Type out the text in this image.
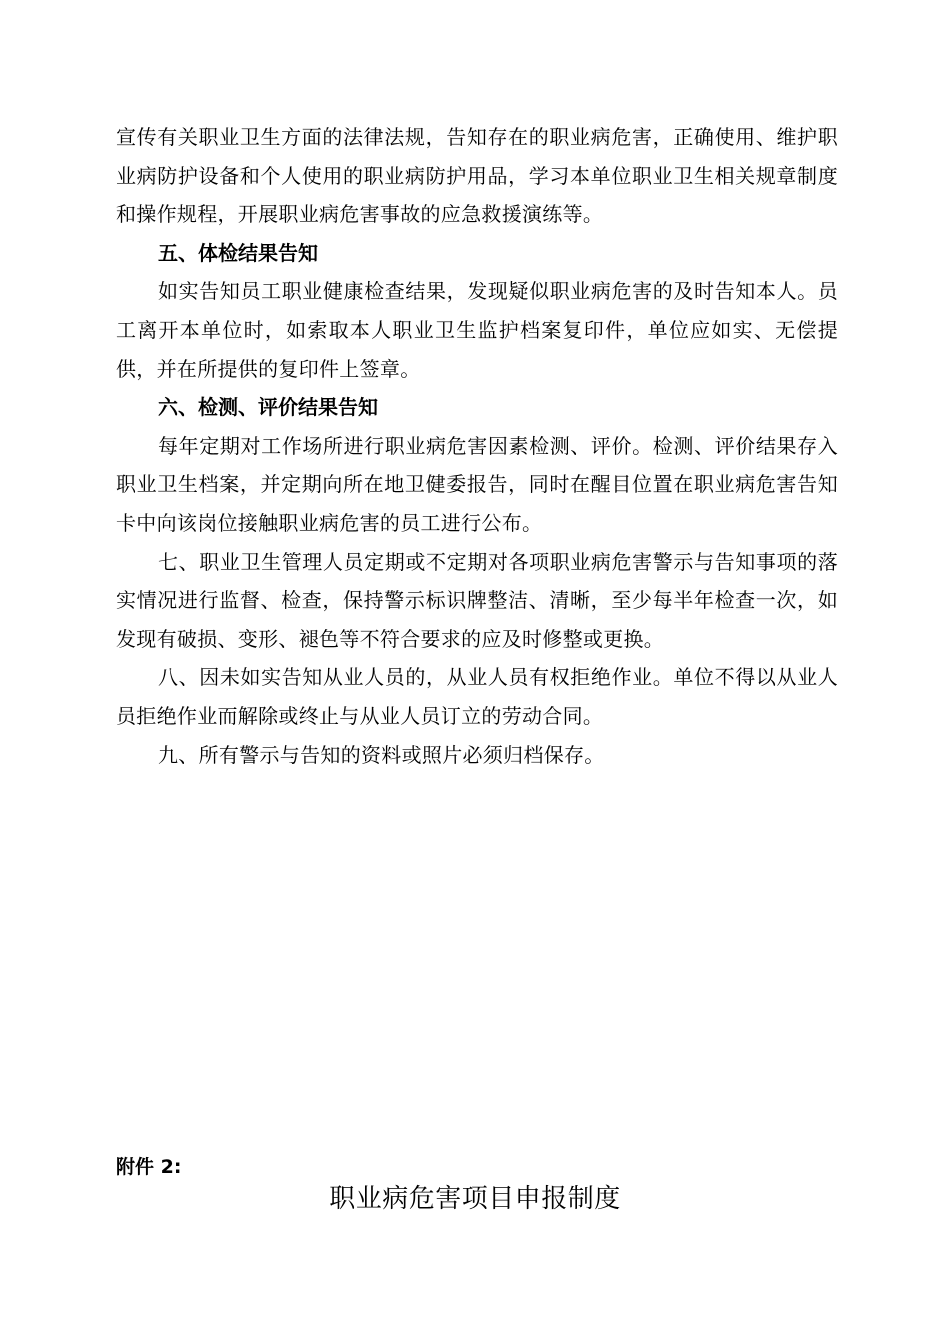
宣传有关职业卫生方面的法律法规，告知存在的职业病危害，正确使用、维护职业病防护设备和个人使用的职业病防护用品，学习本单位职业卫生相关规章制度和操作规程，开展职业病危害事故的应急救援演练等。

五、体检结果告知

如实告知员工职业健康检查结果，发现疑似职业病危害的及时告知本人。员工离开本单位时，如索取本人职业卫生监护档案复印件，单位应如实、无偿提供，并在所提供的复印件上签章。

六、检测、评价结果告知

每年定期对工作场所进行职业病危害因素检测、评价。检测、评价结果存入职业卫生档案，并定期向所在地卫健委报告，同时在醒目位置在职业病危害告知卡中向该岗位接触职业病危害的员工进行公布。

七、职业卫生管理人员定期或不定期对各项职业病危害警示与告知事项的落实情况进行监督、检查，保持警示标识牌整洁、清晰，至少每半年检查一次，如发现有破损、变形、褪色等不符合要求的应及时修整或更换。

八、因未如实告知从业人员的，从业人员有权拒绝作业。单位不得以从业人员拒绝作业而解除或终止与从业人员订立的劳动合同。

九、所有警示与告知的资料或照片必须归档保存。

附件 2:
职业病危害项目申报制度
